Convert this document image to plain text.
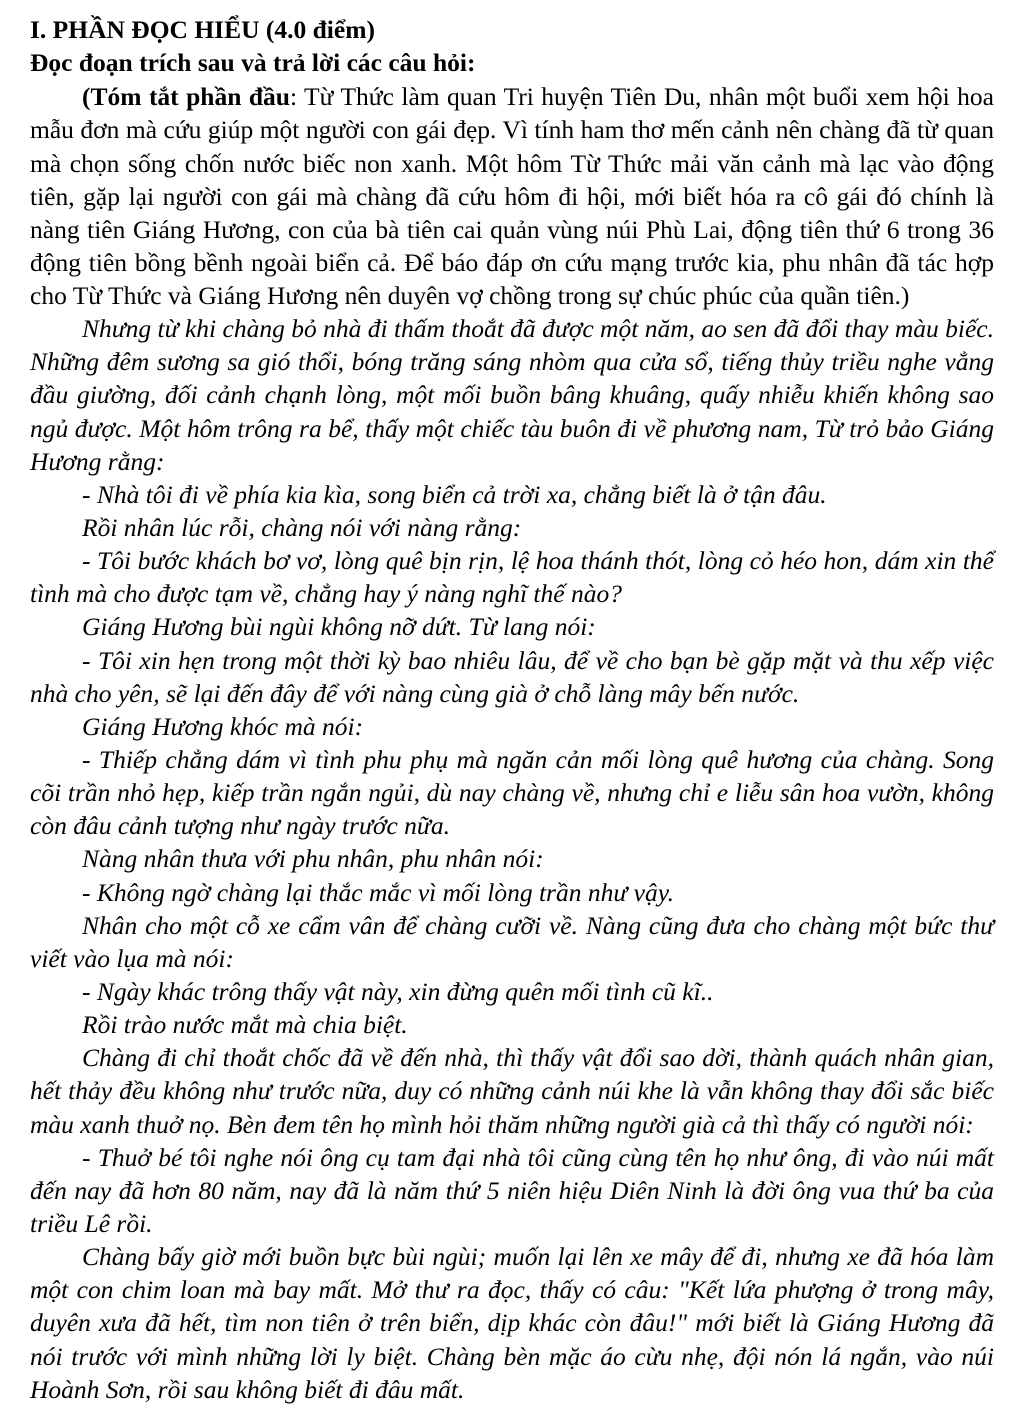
I. PHẦN ĐỌC HIỂU (4.0 điểm)
Đọc đoạn trích sau và trả lời các câu hỏi:

(Tóm tắt phần đầu: Từ Thức làm quan Tri huyện Tiên Du, nhân một buổi xem hội hoa mẫu đơn mà cứu giúp một người con gái đẹp. Vì tính ham thơ mến cảnh nên chàng đã từ quan mà chọn sống chốn nước biếc non xanh. Một hôm Từ Thức mải văn cảnh mà lạc vào động tiên, gặp lại người con gái mà chàng đã cứu hôm đi hội, mới biết hóa ra cô gái đó chính là nàng tiên Giáng Hương, con của bà tiên cai quản vùng núi Phù Lai, động tiên thứ 6 trong 36 động tiên bồng bềnh ngoài biển cả. Để báo đáp ơn cứu mạng trước kia, phu nhân đã tác hợp cho Từ Thức và Giáng Hương nên duyên vợ chồng trong sự chúc phúc của quần tiên.)

Nhưng từ khi chàng bỏ nhà đi thấm thoắt đã được một năm, ao sen đã đổi thay màu biếc. Những đêm sương sa gió thổi, bóng trăng sáng nhòm qua cửa sổ, tiếng thủy triều nghe vẳng đầu giường, đối cảnh chạnh lòng, một mối buồn bâng khuâng, quấy nhiễu khiến không sao ngủ được. Một hôm trông ra bể, thấy một chiếc tàu buôn đi về phương nam, Từ trỏ bảo Giáng Hương rằng:

- Nhà tôi đi về phía kia kìa, song biển cả trời xa, chẳng biết là ở tận đâu.

Rồi nhân lúc rỗi, chàng nói với nàng rằng:

- Tôi bước khách bơ vơ, lòng quê bịn rịn, lệ hoa thánh thót, lòng cỏ héo hon, dám xin thể tình mà cho được tạm về, chẳng hay ý nàng nghĩ thế nào?

Giáng Hương bùi ngùi không nỡ dứt. Từ lang nói:

- Tôi xin hẹn trong một thời kỳ bao nhiêu lâu, để về cho bạn bè gặp mặt và thu xếp việc nhà cho yên, sẽ lại đến đây để với nàng cùng già ở chỗ làng mây bến nước.

Giáng Hương khóc mà nói:

- Thiếp chẳng dám vì tình phu phụ mà ngăn cản mối lòng quê hương của chàng. Song cõi trần nhỏ hẹp, kiếp trần ngắn ngủi, dù nay chàng về, nhưng chỉ e liễu sân hoa vườn, không còn đâu cảnh tượng như ngày trước nữa.

Nàng nhân thưa với phu nhân, phu nhân nói:

- Không ngờ chàng lại thắc mắc vì mối lòng trần như vậy.

Nhân cho một cỗ xe cẩm vân để chàng cưỡi về. Nàng cũng đưa cho chàng một bức thư viết vào lụa mà nói:

- Ngày khác trông thấy vật này, xin đừng quên mối tình cũ kĩ..

Rồi trào nước mắt mà chia biệt.

Chàng đi chỉ thoắt chốc đã về đến nhà, thì thấy vật đổi sao dời, thành quách nhân gian, hết thảy đều không như trước nữa, duy có những cảnh núi khe là vẫn không thay đổi sắc biếc màu xanh thuở nọ. Bèn đem tên họ mình hỏi thăm những người già cả thì thấy có người nói:

- Thuở bé tôi nghe nói ông cụ tam đại nhà tôi cũng cùng tên họ như ông, đi vào núi mất đến nay đã hơn 80 năm, nay đã là năm thứ 5 niên hiệu Diên Ninh là đời ông vua thứ ba của triều Lê rồi.

Chàng bấy giờ mới buồn bực bùi ngùi; muốn lại lên xe mây để đi, nhưng xe đã hóa làm một con chim loan mà bay mất. Mở thư ra đọc, thấy có câu: "Kết lứa phượng ở trong mây, duyên xưa đã hết, tìm non tiên ở trên biển, dịp khác còn đâu!" mới biết là Giáng Hương đã nói trước với mình những lời ly biệt. Chàng bèn mặc áo cừu nhẹ, đội nón lá ngắn, vào núi Hoành Sơn, rồi sau không biết đi đâu mất.
